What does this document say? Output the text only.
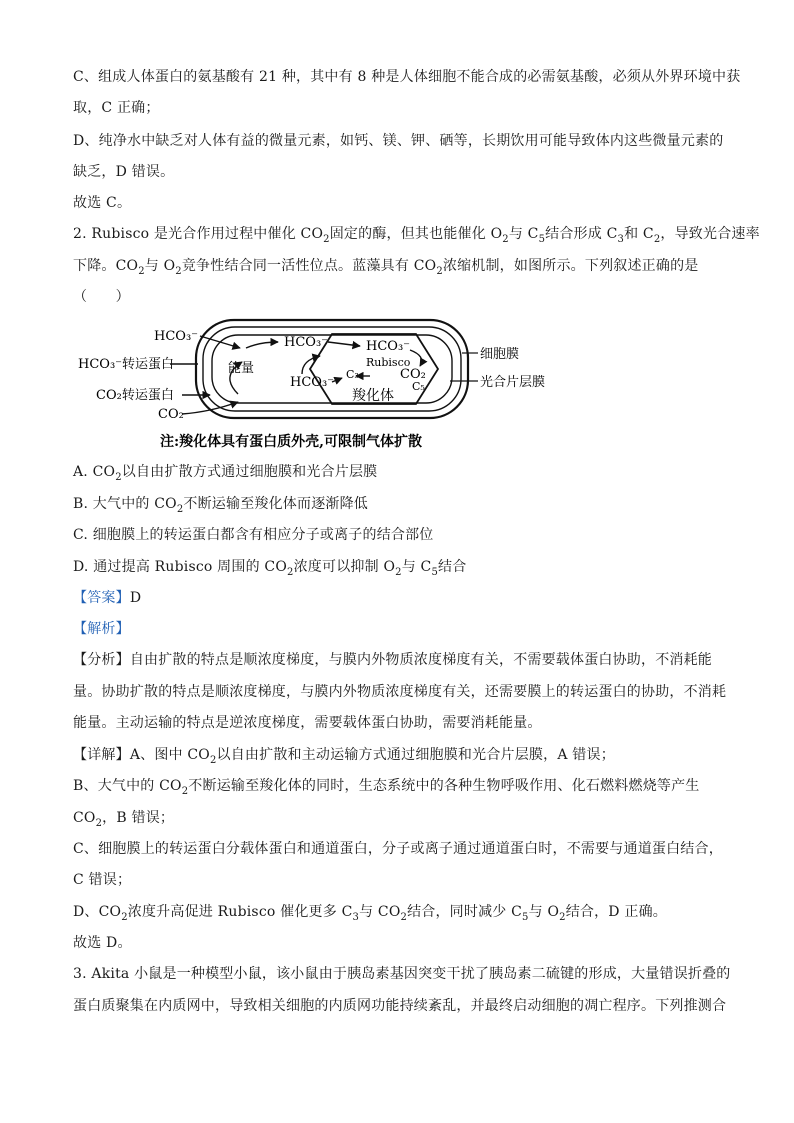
C、组成人体蛋白的氨基酸有 21 种，其中有 8 种是人体细胞不能合成的必需氨基酸，必须从外界环境中获
取，C 正确；
D、纯净水中缺乏对人体有益的微量元素，如钙、镁、钾、硒等，长期饮用可能导致体内这些微量元素的
缺乏，D 错误。
故选 C。
2. Rubisco 是光合作用过程中催化 $CO_2$固定的酶，但其也能催化 $O_2$与 $C_5$结合形成 $C_3$和 $C_2$，导致光合速率
下降。$CO_2$与 $O_2$竞争性结合同一活性位点。蓝藻具有 $CO_2$浓缩机制，如图所示。下列叙述正确的是
（　　）
HCO₃⁻
HCO₃⁻转运蛋白
CO₂转运蛋白
CO₂
能量
HCO₃⁻
HCO₃⁻
HCO₃⁻
Rubisco
C₃	CO₂
C₅
羧化体
细胞膜
光合片层膜
注:羧化体具有蛋白质外壳,可限制气体扩散
A. $CO_2$以自由扩散方式通过细胞膜和光合片层膜
B. 大气中的 $CO_2$不断运输至羧化体而逐渐降低
C. 细胞膜上的转运蛋白都含有相应分子或离子的结合部位
D. 通过提高 Rubisco 周围的 $CO_2$浓度可以抑制 $O_2$与 $C_5$结合
【答案】D
【解析】
【分析】自由扩散的特点是顺浓度梯度，与膜内外物质浓度梯度有关，不需要载体蛋白协助，不消耗能
量。协助扩散的特点是顺浓度梯度，与膜内外物质浓度梯度有关，还需要膜上的转运蛋白的协助，不消耗
能量。主动运输的特点是逆浓度梯度，需要载体蛋白协助，需要消耗能量。
【详解】A、图中 $CO_2$以自由扩散和主动运输方式通过细胞膜和光合片层膜，A 错误；
B、大气中的 $CO_2$不断运输至羧化体的同时，生态系统中的各种生物呼吸作用、化石燃料燃烧等产生
$CO_2$，B 错误；
C、细胞膜上的转运蛋白分载体蛋白和通道蛋白，分子或离子通过通道蛋白时，不需要与通道蛋白结合，
C 错误；
D、$CO_2$浓度升高促进 Rubisco 催化更多 $C_3$与 $CO_2$结合，同时减少 $C_5$与 $O_2$结合，D 正确。
故选 D。
3. Akita 小鼠是一种模型小鼠，该小鼠由于胰岛素基因突变干扰了胰岛素二硫键的形成，大量错误折叠的
蛋白质聚集在内质网中，导致相关细胞的内质网功能持续紊乱，并最终启动细胞的凋亡程序。下列推测合
